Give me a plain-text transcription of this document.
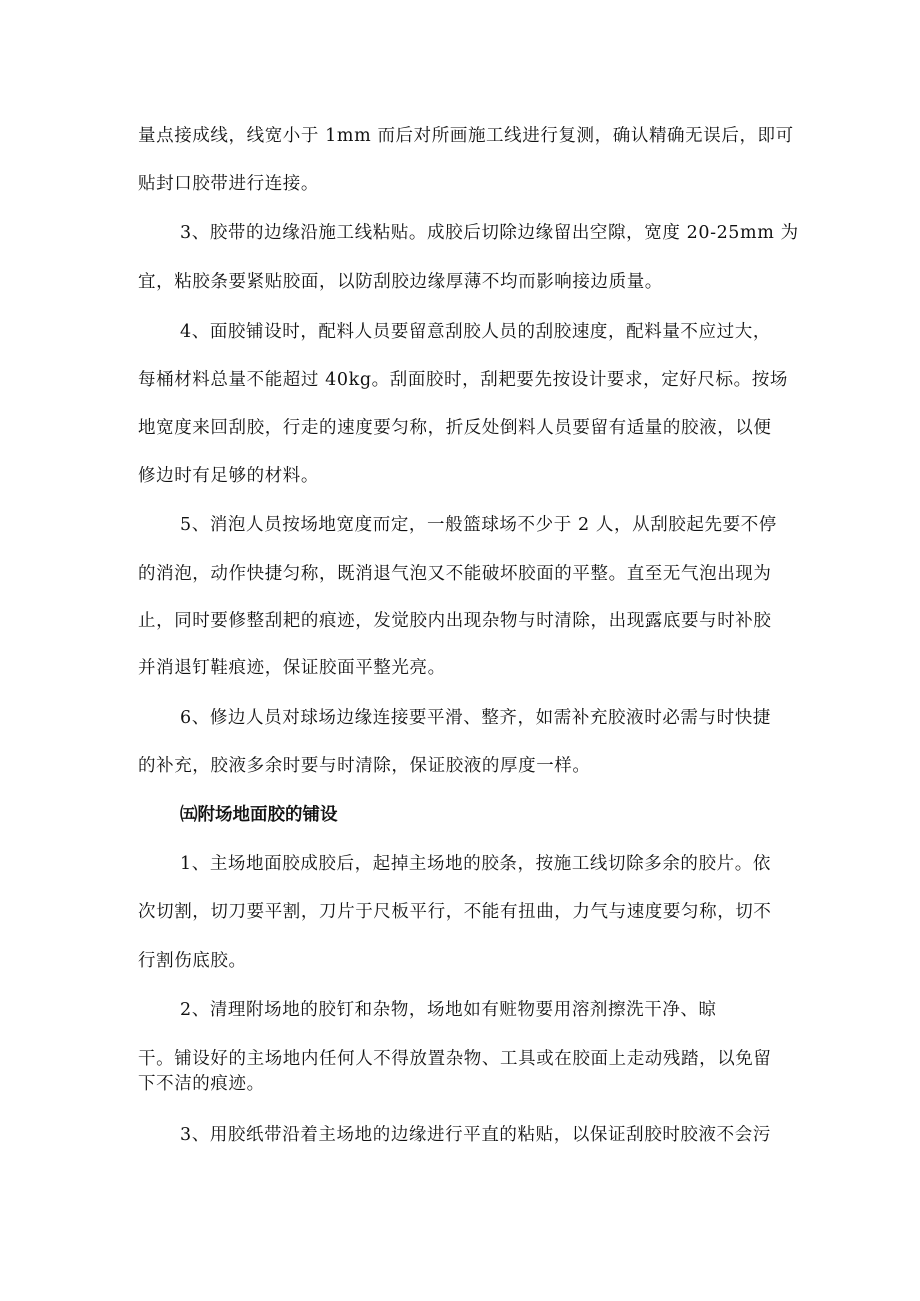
量点接成线，线宽小于 1mm 而后对所画施工线进行复测，确认精确无误后，即可
贴封口胶带进行连接。
3、胶带的边缘沿施工线粘贴。成胶后切除边缘留出空隙，宽度 20-25mm 为
宜，粘胶条要紧贴胶面，以防刮胶边缘厚薄不均而影响接边质量。
4、面胶铺设时，配料人员要留意刮胶人员的刮胶速度，配料量不应过大，
每桶材料总量不能超过 40kg。刮面胶时，刮耙要先按设计要求，定好尺标。按场
地宽度来回刮胶，行走的速度要匀称，折反处倒料人员要留有适量的胶液，以便
修边时有足够的材料。
5、消泡人员按场地宽度而定，一般篮球场不少于 2 人，从刮胶起先要不停
的消泡，动作快捷匀称，既消退气泡又不能破坏胶面的平整。直至无气泡出现为
止，同时要修整刮耙的痕迹，发觉胶内出现杂物与时清除，出现露底要与时补胶
并消退钉鞋痕迹，保证胶面平整光亮。
6、修边人员对球场边缘连接要平滑、整齐，如需补充胶液时必需与时快捷
的补充，胶液多余时要与时清除，保证胶液的厚度一样。
㈤附场地面胶的铺设
1、主场地面胶成胶后，起掉主场地的胶条，按施工线切除多余的胶片。依
次切割，切刀要平割，刀片于尺板平行，不能有扭曲，力气与速度要匀称，切不
行割伤底胶。
2、清理附场地的胶钉和杂物，场地如有赃物要用溶剂擦洗干净、晾
干。铺设好的主场地内任何人不得放置杂物、工具或在胶面上走动残踏，以免留
下不洁的痕迹。
3、用胶纸带沿着主场地的边缘进行平直的粘贴，以保证刮胶时胶液不会污
